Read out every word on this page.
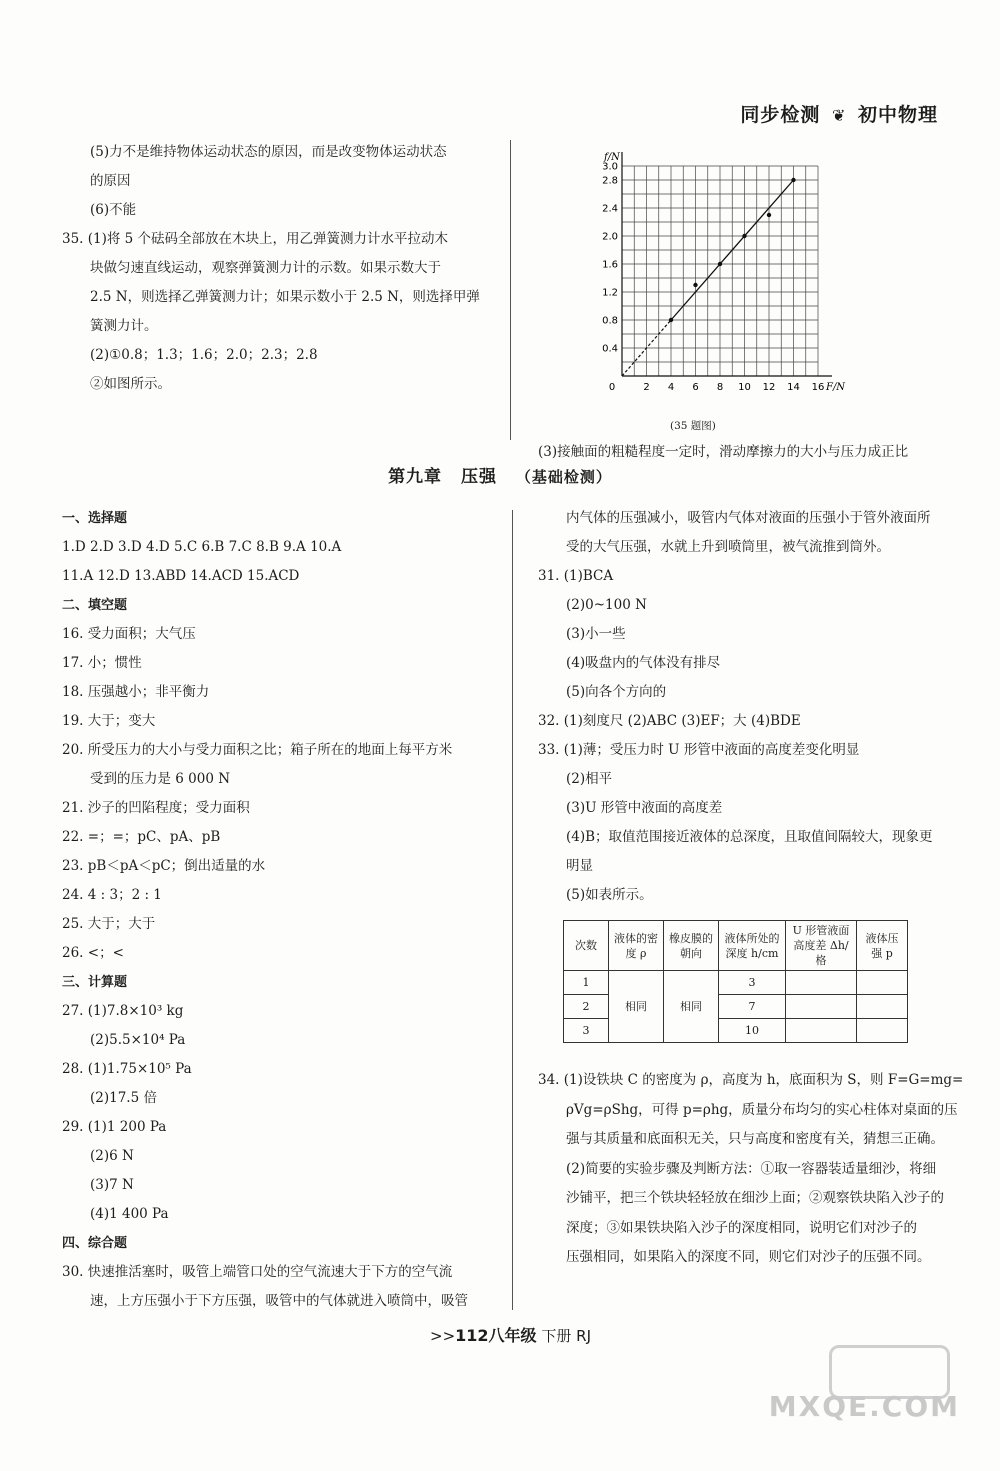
同步检测 ❦ 初中物理
(5)力不是维持物体运动状态的原因，而是改变物体运动状态
的原因
(6)不能
35. (1)将 5 个砝码全部放在木块上，用乙弹簧测力计水平拉动木
块做匀速直线运动，观察弹簧测力计的示数。如果示数大于
2.5 N，则选择乙弹簧测力计；如果示数小于 2.5 N，则选择甲弹
簧测力计。
(2)①0.8；1.3；1.6；2.0；2.3；2.8
②如图所示。	0	2 4 6 8 10 12 14 16
0.4
0.8
1.2
1.6
2.0
2.4
2.8
3.0
F/N
f/N
(35 题图)
(3)接触面的粗糙程度一定时，滑动摩擦力的大小与压力成正比
第九章 压强 （基础检测）
一、选择题
1.D 2.D 3.D 4.D 5.C 6.B 7.C 8.B 9.A 10.A
11.A 12.D 13.ABD 14.ACD 15.ACD
二、填空题
16. 受力面积；大气压
17. 小；惯性
18. 压强越小；非平衡力
19. 大于；变大
20. 所受压力的大小与受力面积之比；箱子所在的地面上每平方米
受到的压力是 6 000 N
21. 沙子的凹陷程度；受力面积
22. =；=；pC、pA、pB
23. pB＜pA＜pC；倒出适量的水
24. 4 : 3；2 : 1
25. 大于；大于
26. <；<
三、计算题
27. (1)7.8×10³ kg
(2)5.5×10⁴ Pa
28. (1)1.75×10⁵ Pa
(2)17.5 倍
29. (1)1 200 Pa
(2)6 N
(3)7 N
(4)1 400 Pa
四、综合题
30. 快速推活塞时，吸管上端管口处的空气流速大于下方的空气流
速，上方压强小于下方压强，吸管中的气体就进入喷筒中，吸管
内气体的压强减小，吸管内气体对液面的压强小于管外液面所
受的大气压强，水就上升到喷筒里，被气流推到筒外。
31. (1)BCA
(2)0~100 N
(3)小一些
(4)吸盘内的气体没有排尽
(5)向各个方向的
32. (1)刻度尺 (2)ABC (3)EF；大 (4)BDE
33. (1)薄；受压力时 U 形管中液面的高度差变化明显
(2)相平
(3)U 形管中液面的高度差
(4)B；取值范围接近液体的总深度，且取值间隔较大，现象更
明显
(5)如表所示。
次数	液体的密度 ρ	橡皮膜的朝向	液体所处的深度 h/cm	U 形管液面高度差 Δh/格	液体压强 p
1	相同	相同	3		
2			7		
3			10		
34. (1)设铁块 C 的密度为 ρ，高度为 h，底面积为 S，则 F=G=mg=
ρVg=ρShg，可得 p=ρhg，质量分布均匀的实心柱体对桌面的压
强与其质量和底面积无关，只与高度和密度有关，猜想三正确。
(2)简要的实验步骤及判断方法：①取一容器装适量细沙，将细
沙铺平，把三个铁块轻轻放在细沙上面；②观察铁块陷入沙子的
深度；③如果铁块陷入沙子的深度相同，说明它们对沙子的
压强相同，如果陷入的深度不同，则它们对沙子的压强不同。
>>112八年级 下册 RJ
MXQE.COM
